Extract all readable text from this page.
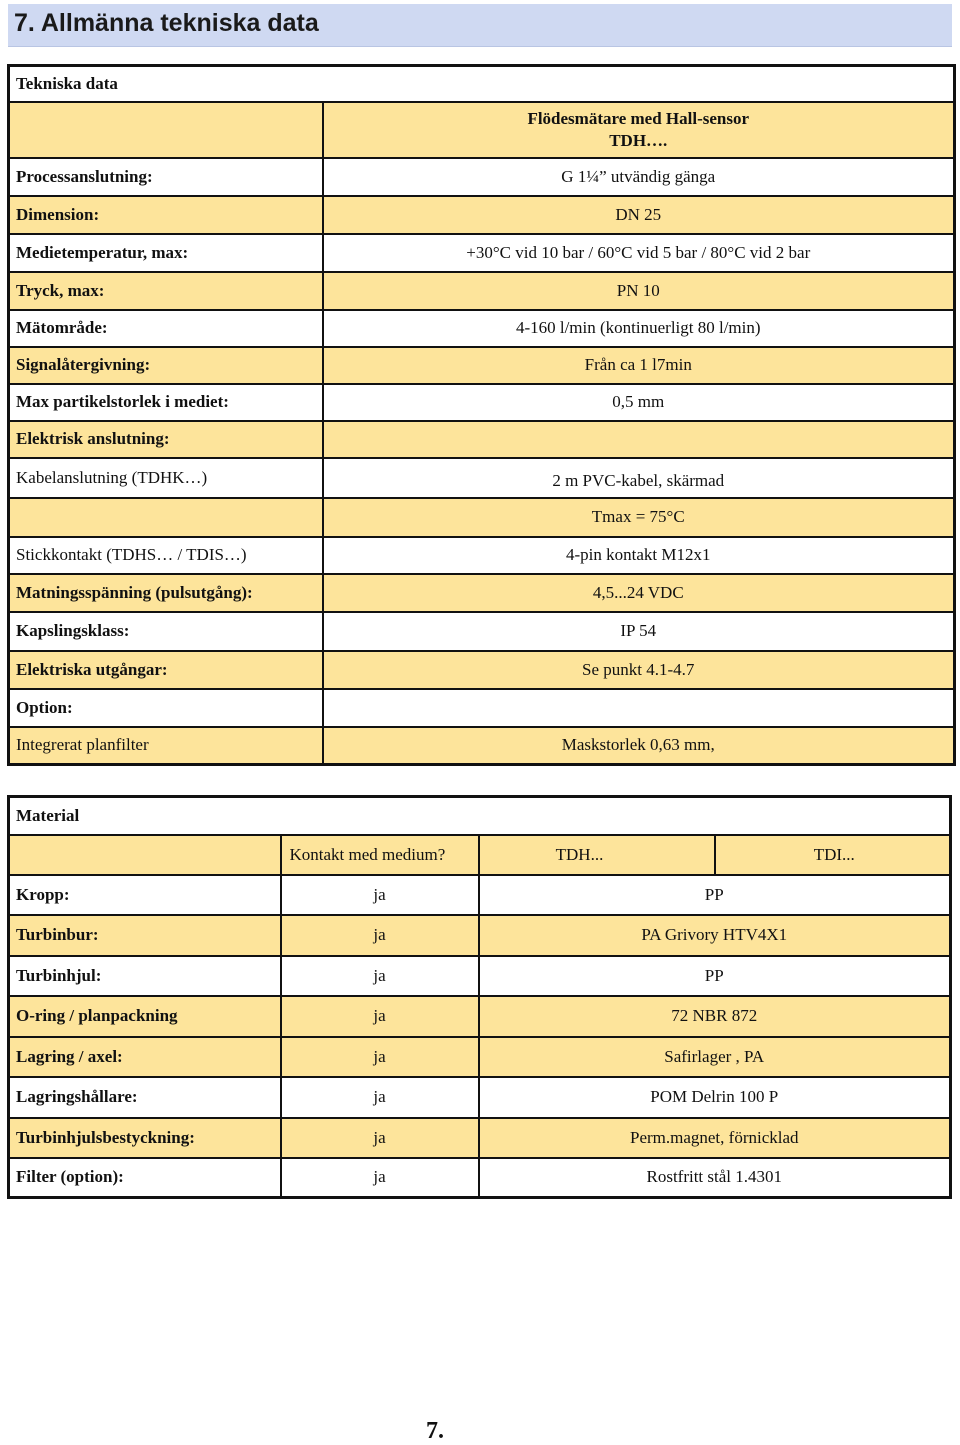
7. Allmänna tekniska data
Tekniska data	

	Flödesmätare med Hall-sensor
TDH….

Processanslutning:	G 1¼” utvändig gänga
Dimension:	DN 25
Medietemperatur, max:	+30°C vid 10 bar / 60°C vid 5 bar / 80°C vid 2 bar
Tryck, max:	PN 10
Mätområde:	4-160 l/min (kontinuerligt 80 l/min)
Signalåtergivning:	Från ca 1 l7min
Max partikelstorlek i mediet:	0,5 mm
Elektrisk anslutning:	
Kabelanslutning (TDHK…)	2 m PVC-kabel, skärmad
	Tmax = 75°C
Stickkontakt (TDHS… / TDIS…)	4-pin kontakt M12x1
Matningsspänning (pulsutgång):	4,5...24 VDC
Kapslingsklass:	IP 54
Elektriska utgångar:	Se punkt 4.1-4.7
Option:	
Integrerat planfilter	Maskstorlek 0,63 mm,
Material			
	Kontakt med medium?	TDH...	TDI...
Kropp:	ja	PP	
Turbinbur:	ja	PA Grivory HTV4X1	
Turbinhjul:	ja	PP	
O-ring / planpackning	ja	72 NBR 872	
Lagring / axel:	ja	Safirlager , PA	
Lagringshållare:	ja	POM Delrin 100 P	
Turbinhjulsbestyckning:	ja	Perm.magnet, förnicklad	
Filter (option):	ja	Rostfritt stål 1.4301	
7.
